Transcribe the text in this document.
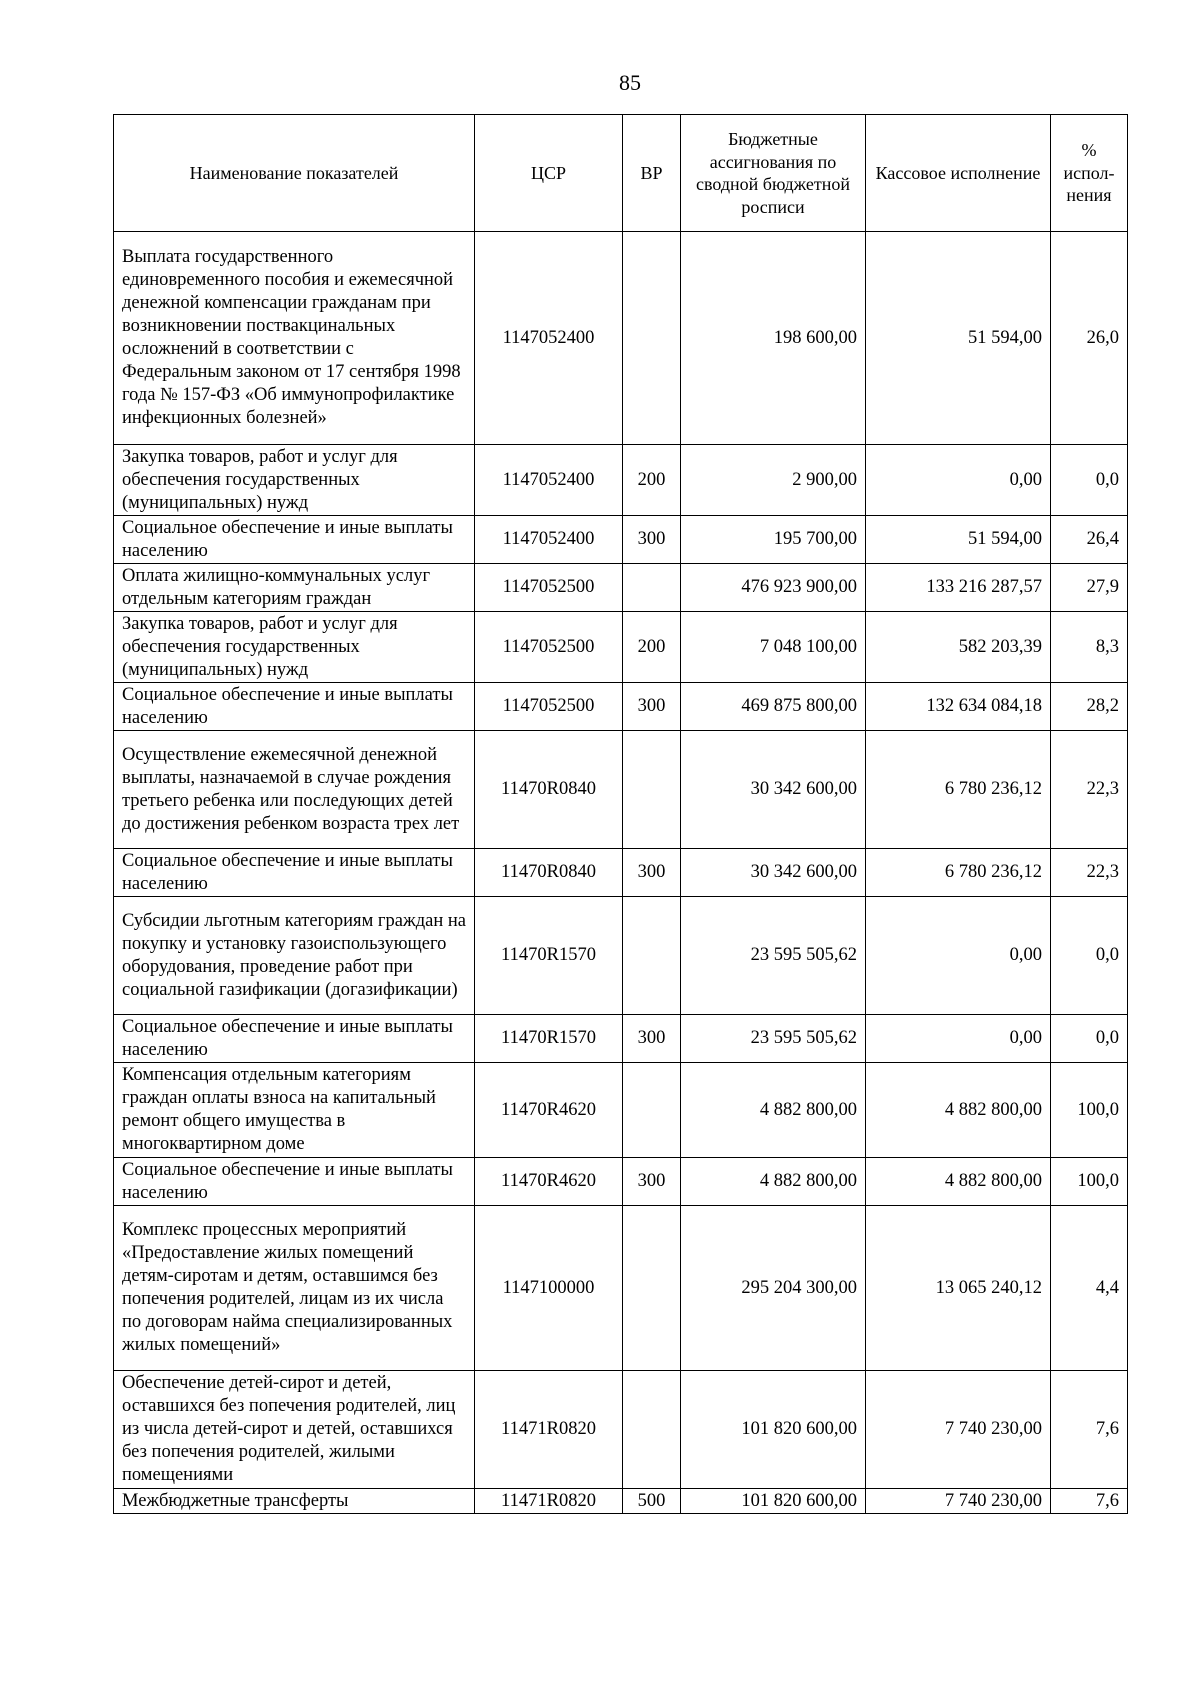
85
Наименование показателей	ЦСР	ВР	Бюджетные ассигнования по сводной бюджетной росписи	Кассовое исполнение	% испол-нения
Выплата государственного единовременного пособия и ежемесячной денежной компенсации гражданам при возникновении поствакцинальных осложнений в соответствии с Федеральным законом от 17 сентября 1998 года № 157-ФЗ «Об иммунопрофилактике инфекционных болезней»	1147052400		198 600,00	51 594,00	26,0
Закупка товаров, работ и услуг для обеспечения государственных (муниципальных) нужд	1147052400	200	2 900,00	0,00	0,0
Социальное обеспечение и иные выплаты населению	1147052400	300	195 700,00	51 594,00	26,4
Оплата жилищно-коммунальных услуг отдельным категориям граждан	1147052500		476 923 900,00	133 216 287,57	27,9
Закупка товаров, работ и услуг для обеспечения государственных (муниципальных) нужд	1147052500	200	7 048 100,00	582 203,39	8,3
Социальное обеспечение и иные выплаты населению	1147052500	300	469 875 800,00	132 634 084,18	28,2
Осуществление ежемесячной денежной выплаты, назначаемой в случае рождения третьего ребенка или последующих детей до достижения ребенком возраста трех лет	11470R0840		30 342 600,00	6 780 236,12	22,3
Социальное обеспечение и иные выплаты населению	11470R0840	300	30 342 600,00	6 780 236,12	22,3
Субсидии льготным категориям граждан на покупку и установку газоиспользующего оборудования, проведение работ при социальной газификации (догазификации)	11470R1570		23 595 505,62	0,00	0,0
Социальное обеспечение и иные выплаты населению	11470R1570	300	23 595 505,62	0,00	0,0
Компенсация отдельным категориям граждан оплаты взноса на капитальный ремонт общего имущества в многоквартирном доме	11470R4620		4 882 800,00	4 882 800,00	100,0
Социальное обеспечение и иные выплаты населению	11470R4620	300	4 882 800,00	4 882 800,00	100,0
Комплекс процессных мероприятий «Предоставление жилых помещений детям-сиротам и детям, оставшимся без попечения родителей, лицам из их числа по договорам найма специализированных жилых помещений»	1147100000		295 204 300,00	13 065 240,12	4,4
Обеспечение детей-сирот и детей, оставшихся без попечения родителей, лиц из числа детей-сирот и детей, оставшихся без попечения родителей, жилыми помещениями	11471R0820		101 820 600,00	7 740 230,00	7,6
Межбюджетные трансферты	11471R0820	500	101 820 600,00	7 740 230,00	7,6
